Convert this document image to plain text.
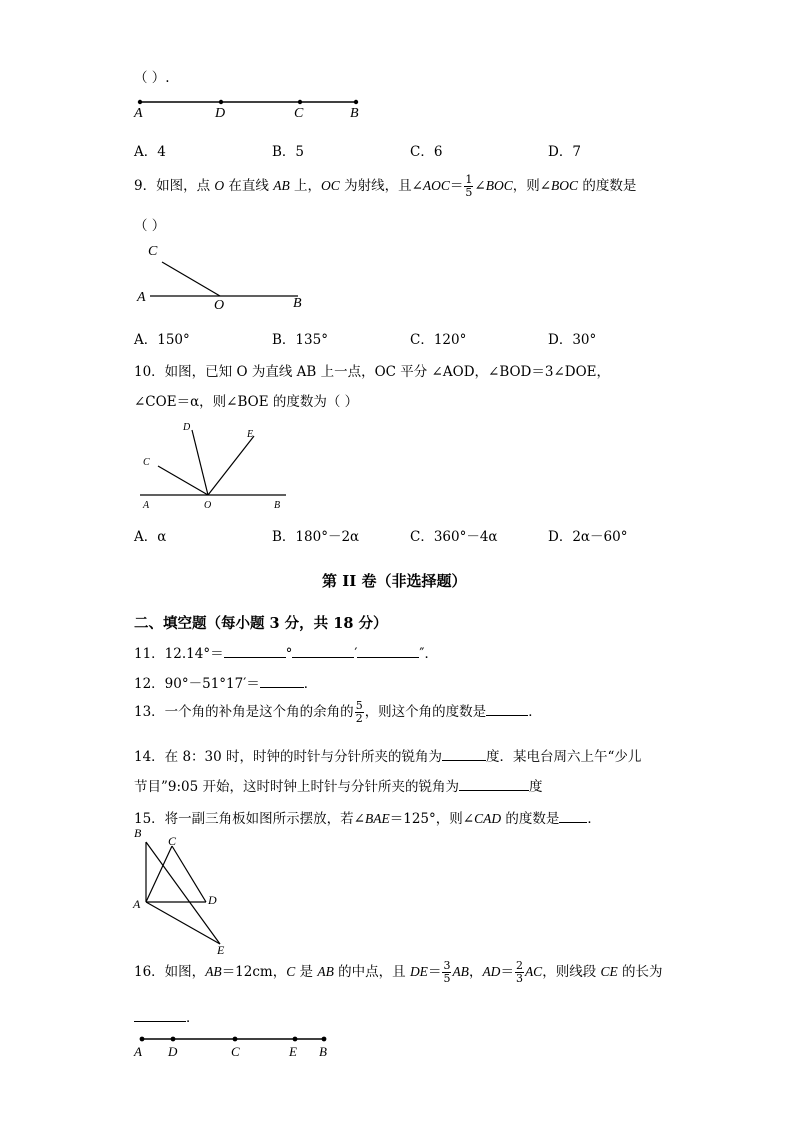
（ ）.
A	D	C	B
A．4	B．5	C．6	D．7
9．如图，点 O 在直线 AB 上，OC 为射线，且∠AOC＝ $\frac{1}{5}$ ∠BOC，则∠BOC 的度数是
（ ）
C
A
O	B
A．150°	B．135°	C．120°	D．30°
10．如图，已知 O 为直线 AB 上一点，OC 平分 ∠AOD，∠BOD＝3∠DOE，
∠COE＝α，则∠BOE 的度数为（ ）
D
E
C
A	O	B
A．α	B．180°－2α	C．360°－4α	D．2α－60°
第 II 卷（非选择题）
二、填空题（每小题 3 分，共 18 分）
11．12.14°＝	°	′	″．
12．90°－51°17′＝	．
13．一个角的补角是这个角的余角的 $\frac{5}{2}$ ，则这个角的度数是	．
14．在 8：30 时，时钟的时针与分针所夹的锐角为	度．某电台周六上午“少儿
节目”9:05 开始，这时时钟上时针与分针所夹的锐角为	度
15．将一副三角板如图所示摆放，若∠BAE＝125°，则∠CAD 的度数是 ．
B
C
A	D
E
16．如图，AB＝12cm，C 是 AB 的中点，且 $DE= \frac{3}{5}$ AB，$AD= \frac{2}{3}$ AC，则线段 CE 的长为
．
A D	C	E B
